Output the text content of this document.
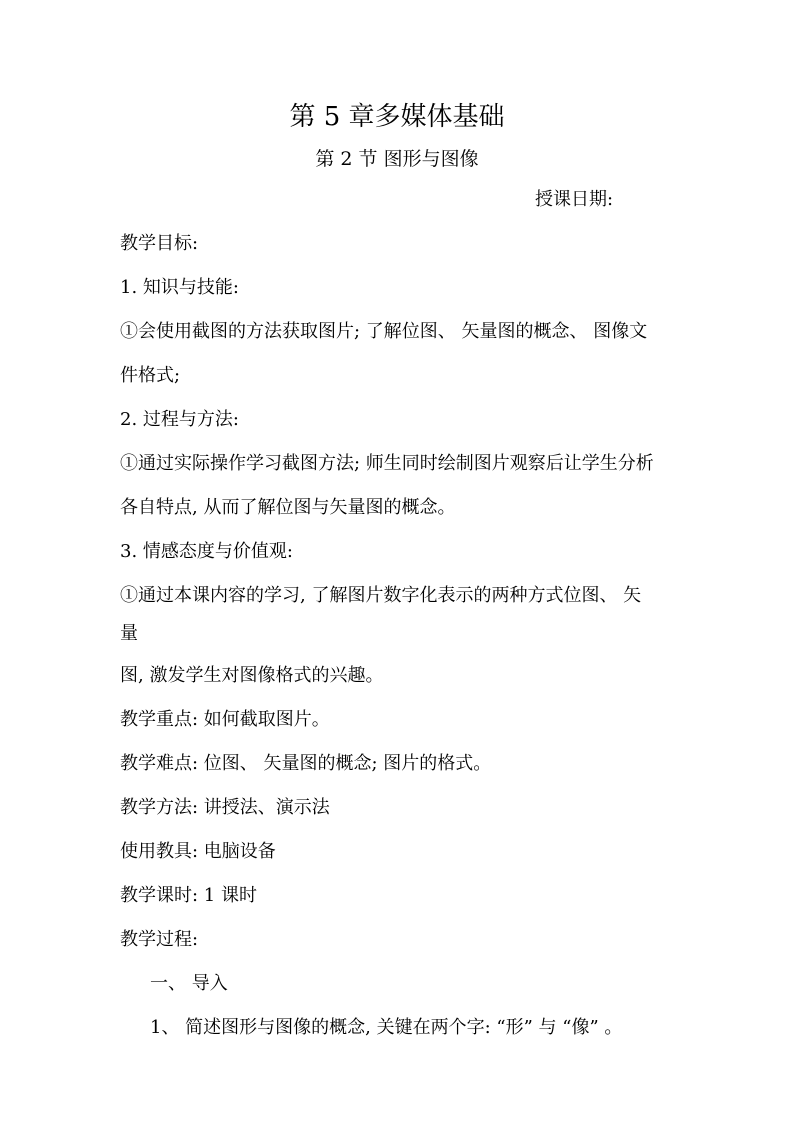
第 5 章多媒体基础
第 2 节 图形与图像
授课日期:
教学目标:
1. 知识与技能:
①会使用截图的方法获取图片; 了解位图、 矢量图的概念、 图像文
件格式;
2. 过程与方法:
①通过实际操作学习截图方法; 师生同时绘制图片观察后让学生分析
各自特点, 从而了解位图与矢量图的概念。
3. 情感态度与价值观:
①通过本课内容的学习, 了解图片数字化表示的两种方式位图、 矢
量
图, 激发学生对图像格式的兴趣。
教学重点: 如何截取图片。
教学难点: 位图、 矢量图的概念; 图片的格式。
教学方法: 讲授法、演示法
使用教具: 电脑设备
教学课时: 1 课时
教学过程:
一、 导入
1、 简述图形与图像的概念, 关键在两个字: “形” 与 “像” 。
